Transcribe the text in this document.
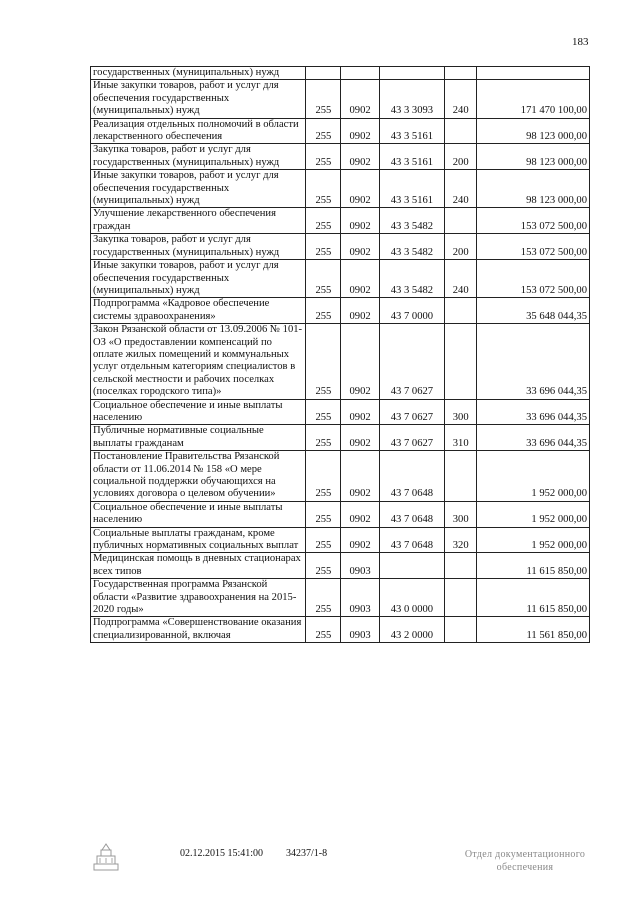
183
государственных (муниципальных) нужд					
Иные закупки товаров, работ и услуг для обеспечения государственных (муниципальных) нужд	255	0902	43 3 3093	240	171 470 100,00
Реализация отдельных полномочий в области лекарственного обеспечения	255	0902	43 3 5161		98 123 000,00
Закупка товаров, работ и услуг для государственных (муниципальных) нужд	255	0902	43 3 5161	200	98 123 000,00
Иные закупки товаров, работ и услуг для обеспечения государственных (муниципальных) нужд	255	0902	43 3 5161	240	98 123 000,00
Улучшение лекарственного обеспечения граждан	255	0902	43 3 5482		153 072 500,00
Закупка товаров, работ и услуг для государственных (муниципальных) нужд	255	0902	43 3 5482	200	153 072 500,00
Иные закупки товаров, работ и услуг для обеспечения государственных (муниципальных) нужд	255	0902	43 3 5482	240	153 072 500,00
Подпрограмма «Кадровое обеспечение системы здравоохранения»	255	0902	43 7 0000		35 648 044,35
Закон Рязанской области от 13.09.2006 № 101-ОЗ «О предоставлении компенсаций по оплате жилых помещений и коммунальных услуг отдельным категориям специалистов в сельской местности и рабочих поселках (поселках городского типа)»	255	0902	43 7 0627		33 696 044,35
Социальное обеспечение и иные выплаты населению	255	0902	43 7 0627	300	33 696 044,35
Публичные нормативные социальные выплаты гражданам	255	0902	43 7 0627	310	33 696 044,35
Постановление Правительства Рязанской области от 11.06.2014 № 158 «О мере социальной поддержки обучающихся на условиях договора о целевом обучении»	255	0902	43 7 0648		1 952 000,00
Социальное обеспечение и иные выплаты населению	255	0902	43 7 0648	300	1 952 000,00
Социальные выплаты гражданам, кроме публичных нормативных социальных выплат	255	0902	43 7 0648	320	1 952 000,00
Медицинская помощь в дневных стационарах всех типов	255	0903			11 615 850,00
Государственная программа Рязанской области «Развитие здравоохранения на 2015-2020 годы»	255	0903	43 0 0000		11 615 850,00
Подпрограмма «Совершенствование оказания специализированной, включая	255	0903	43 2 0000		11 561 850,00
02.12.2015 15:41:00 34237/1-8	Отдел документационного
обеспечения
